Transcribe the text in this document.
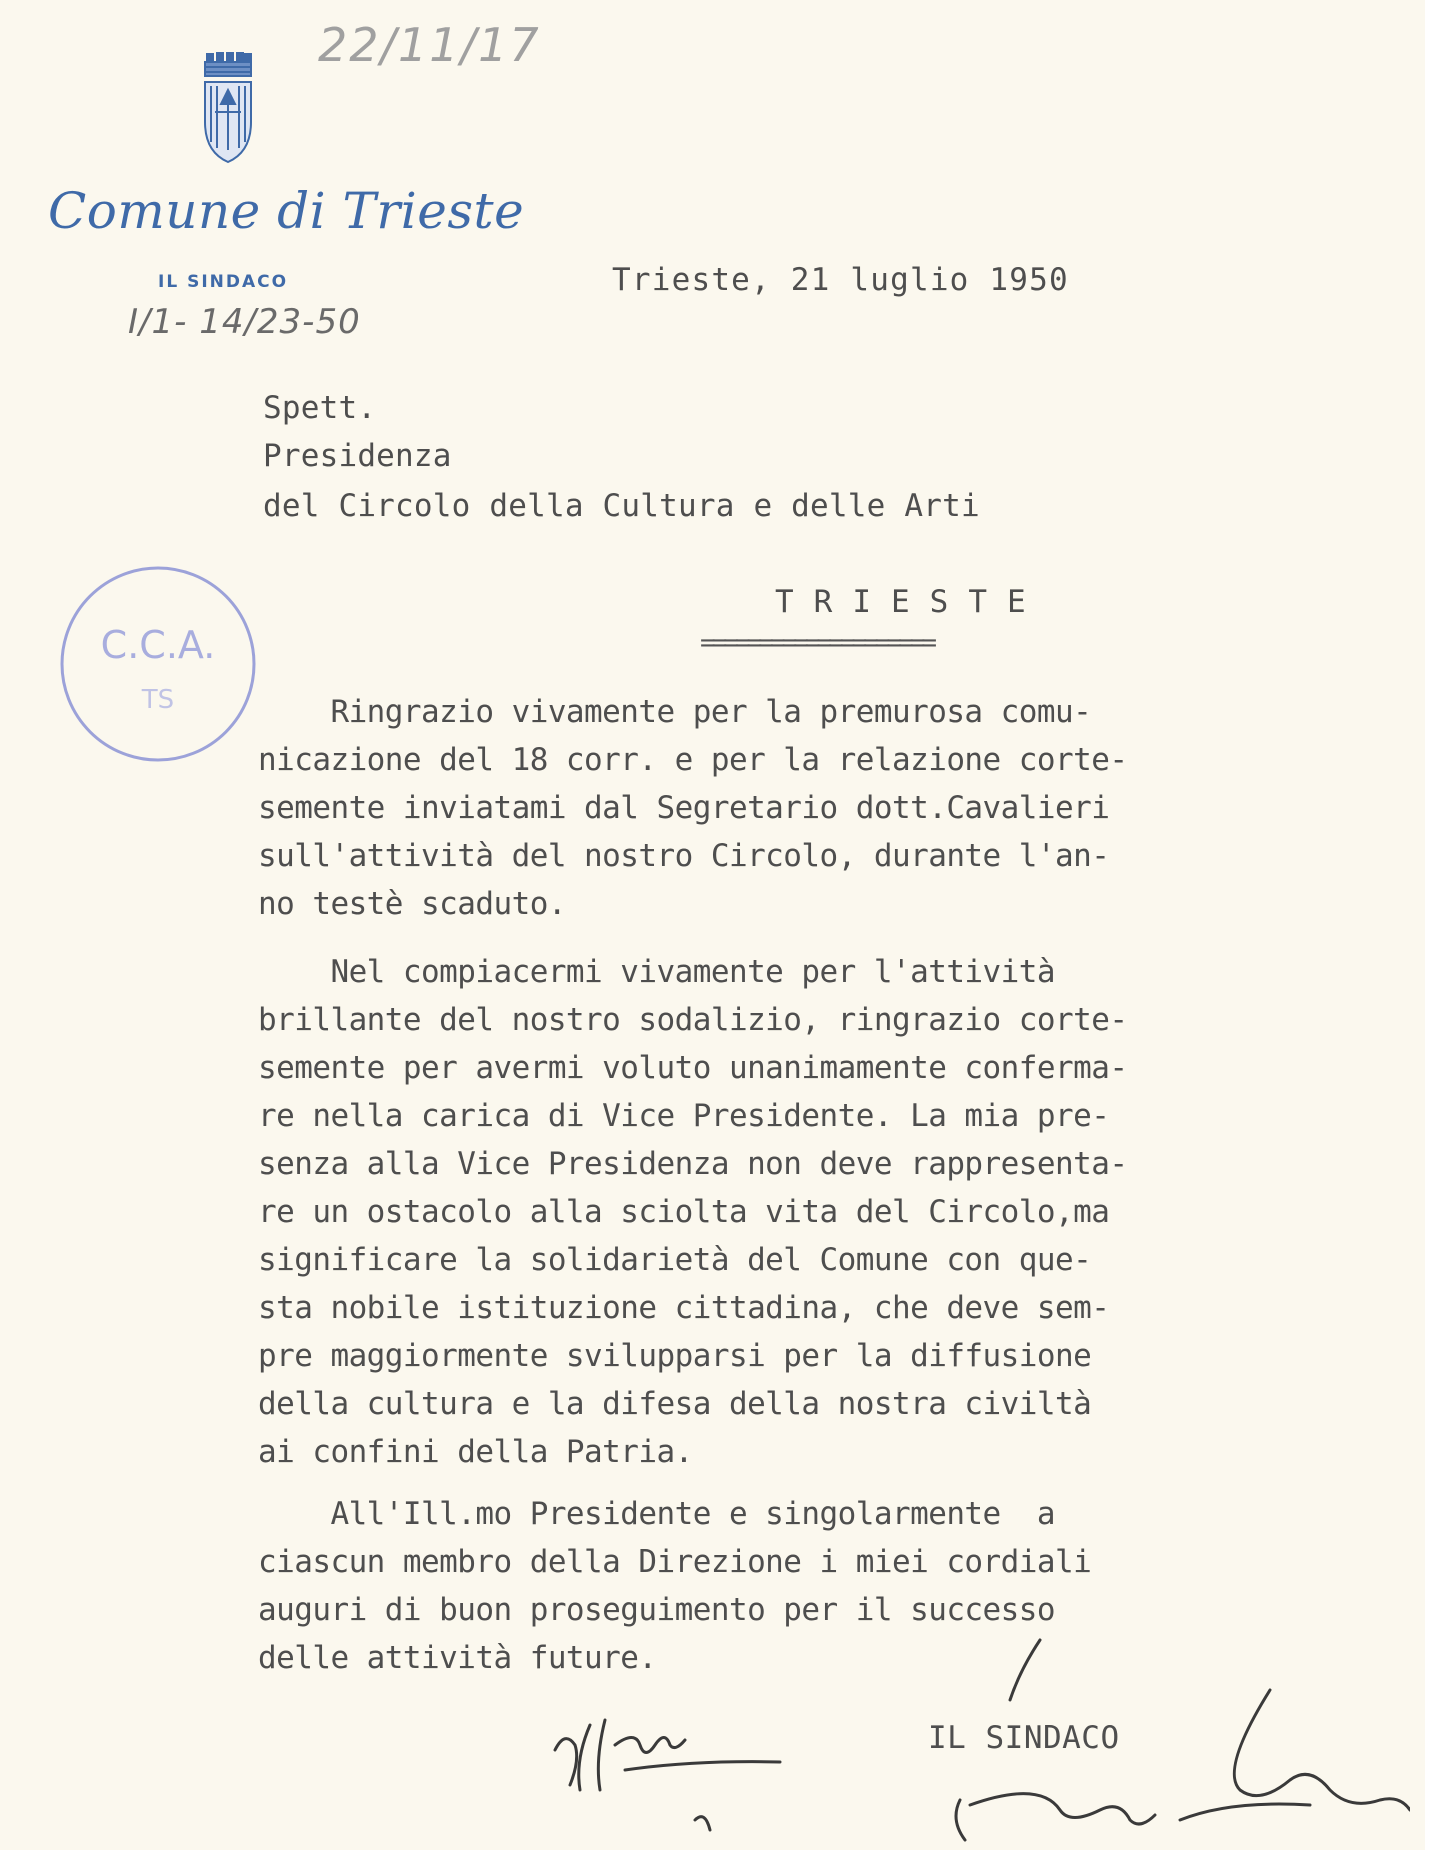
Comune di Trieste
IL SINDACO
22/11/17
I/1- 14/23-50
Trieste, 21 luglio 1950
Spett.
Presidenza
del Circolo della Cultura e delle Arti
TRIESTE
====================
C.C.A.
TS	Ringrazio vivamente per la premurosa comu-
nicazione del 18 corr. e per la relazione corte-
semente inviatami dal Segretario dott.Cavalieri
sull'attività del nostro Circolo, durante l'an-
no testè scaduto.
Nel compiacermi vivamente per l'attività
brillante del nostro sodalizio, ringrazio corte-
semente per avermi voluto unanimamente conferma-
re nella carica di Vice Presidente. La mia pre-
senza alla Vice Presidenza non deve rappresenta-
re un ostacolo alla sciolta vita del Circolo,ma
significare la solidarietà del Comune con que-
sta nobile istituzione cittadina, che deve sem-
pre maggiormente svilupparsi per la diffusione
della cultura e la difesa della nostra civiltà
ai confini della Patria.
All'Ill.mo Presidente e singolarmente  a
ciascun membro della Direzione i miei cordiali
auguri di buon proseguimento per il successo
delle attività future.
IL SINDACO
